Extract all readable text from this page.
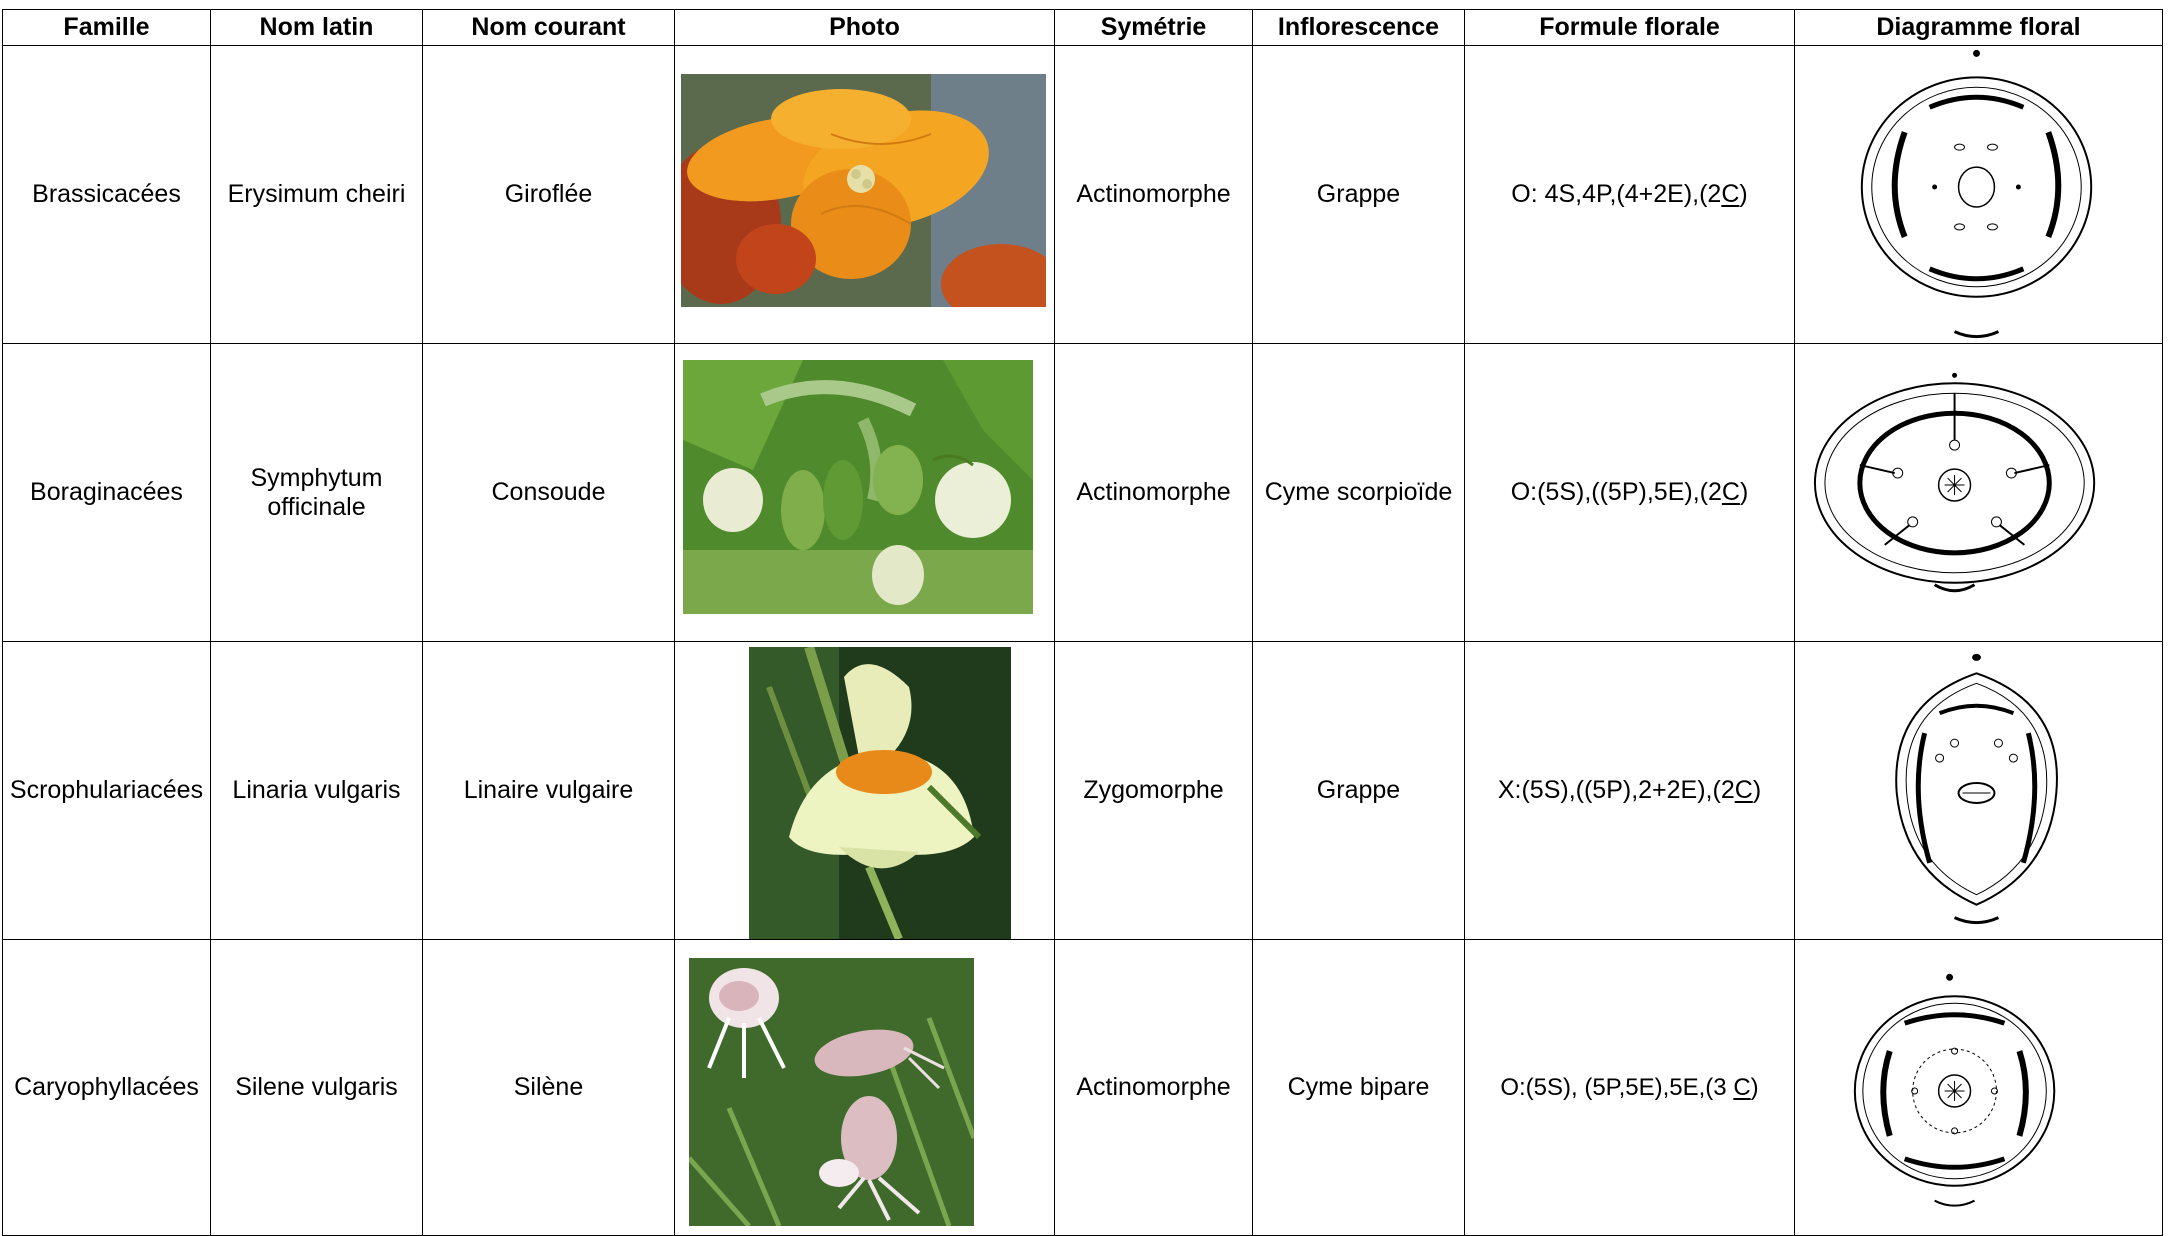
Famille	Nom latin	Nom courant	Photo	Symétrie	Inflorescence	Formule florale	Diagramme floral
Brassicacées	Erysimum cheiri	Giroflée		Actinomorphe	Grappe	O: 4S,4P,(4+2E),(2C)	

Boraginacées	Symphytum officinale	Consoude		Actinomorphe	Cyme scorpioïde	O:(5S),((5P),5E),(2C)	

Scrophulariacées	Linaria vulgaris	Linaire vulgaire		Zygomorphe	Grappe	X:(5S),((5P),2+2E),(2C)	

Caryophyllacées	Silene vulgaris	Silène		Actinomorphe	Cyme bipare	O:(5S), (5P,5E),5E,(3 C)	
